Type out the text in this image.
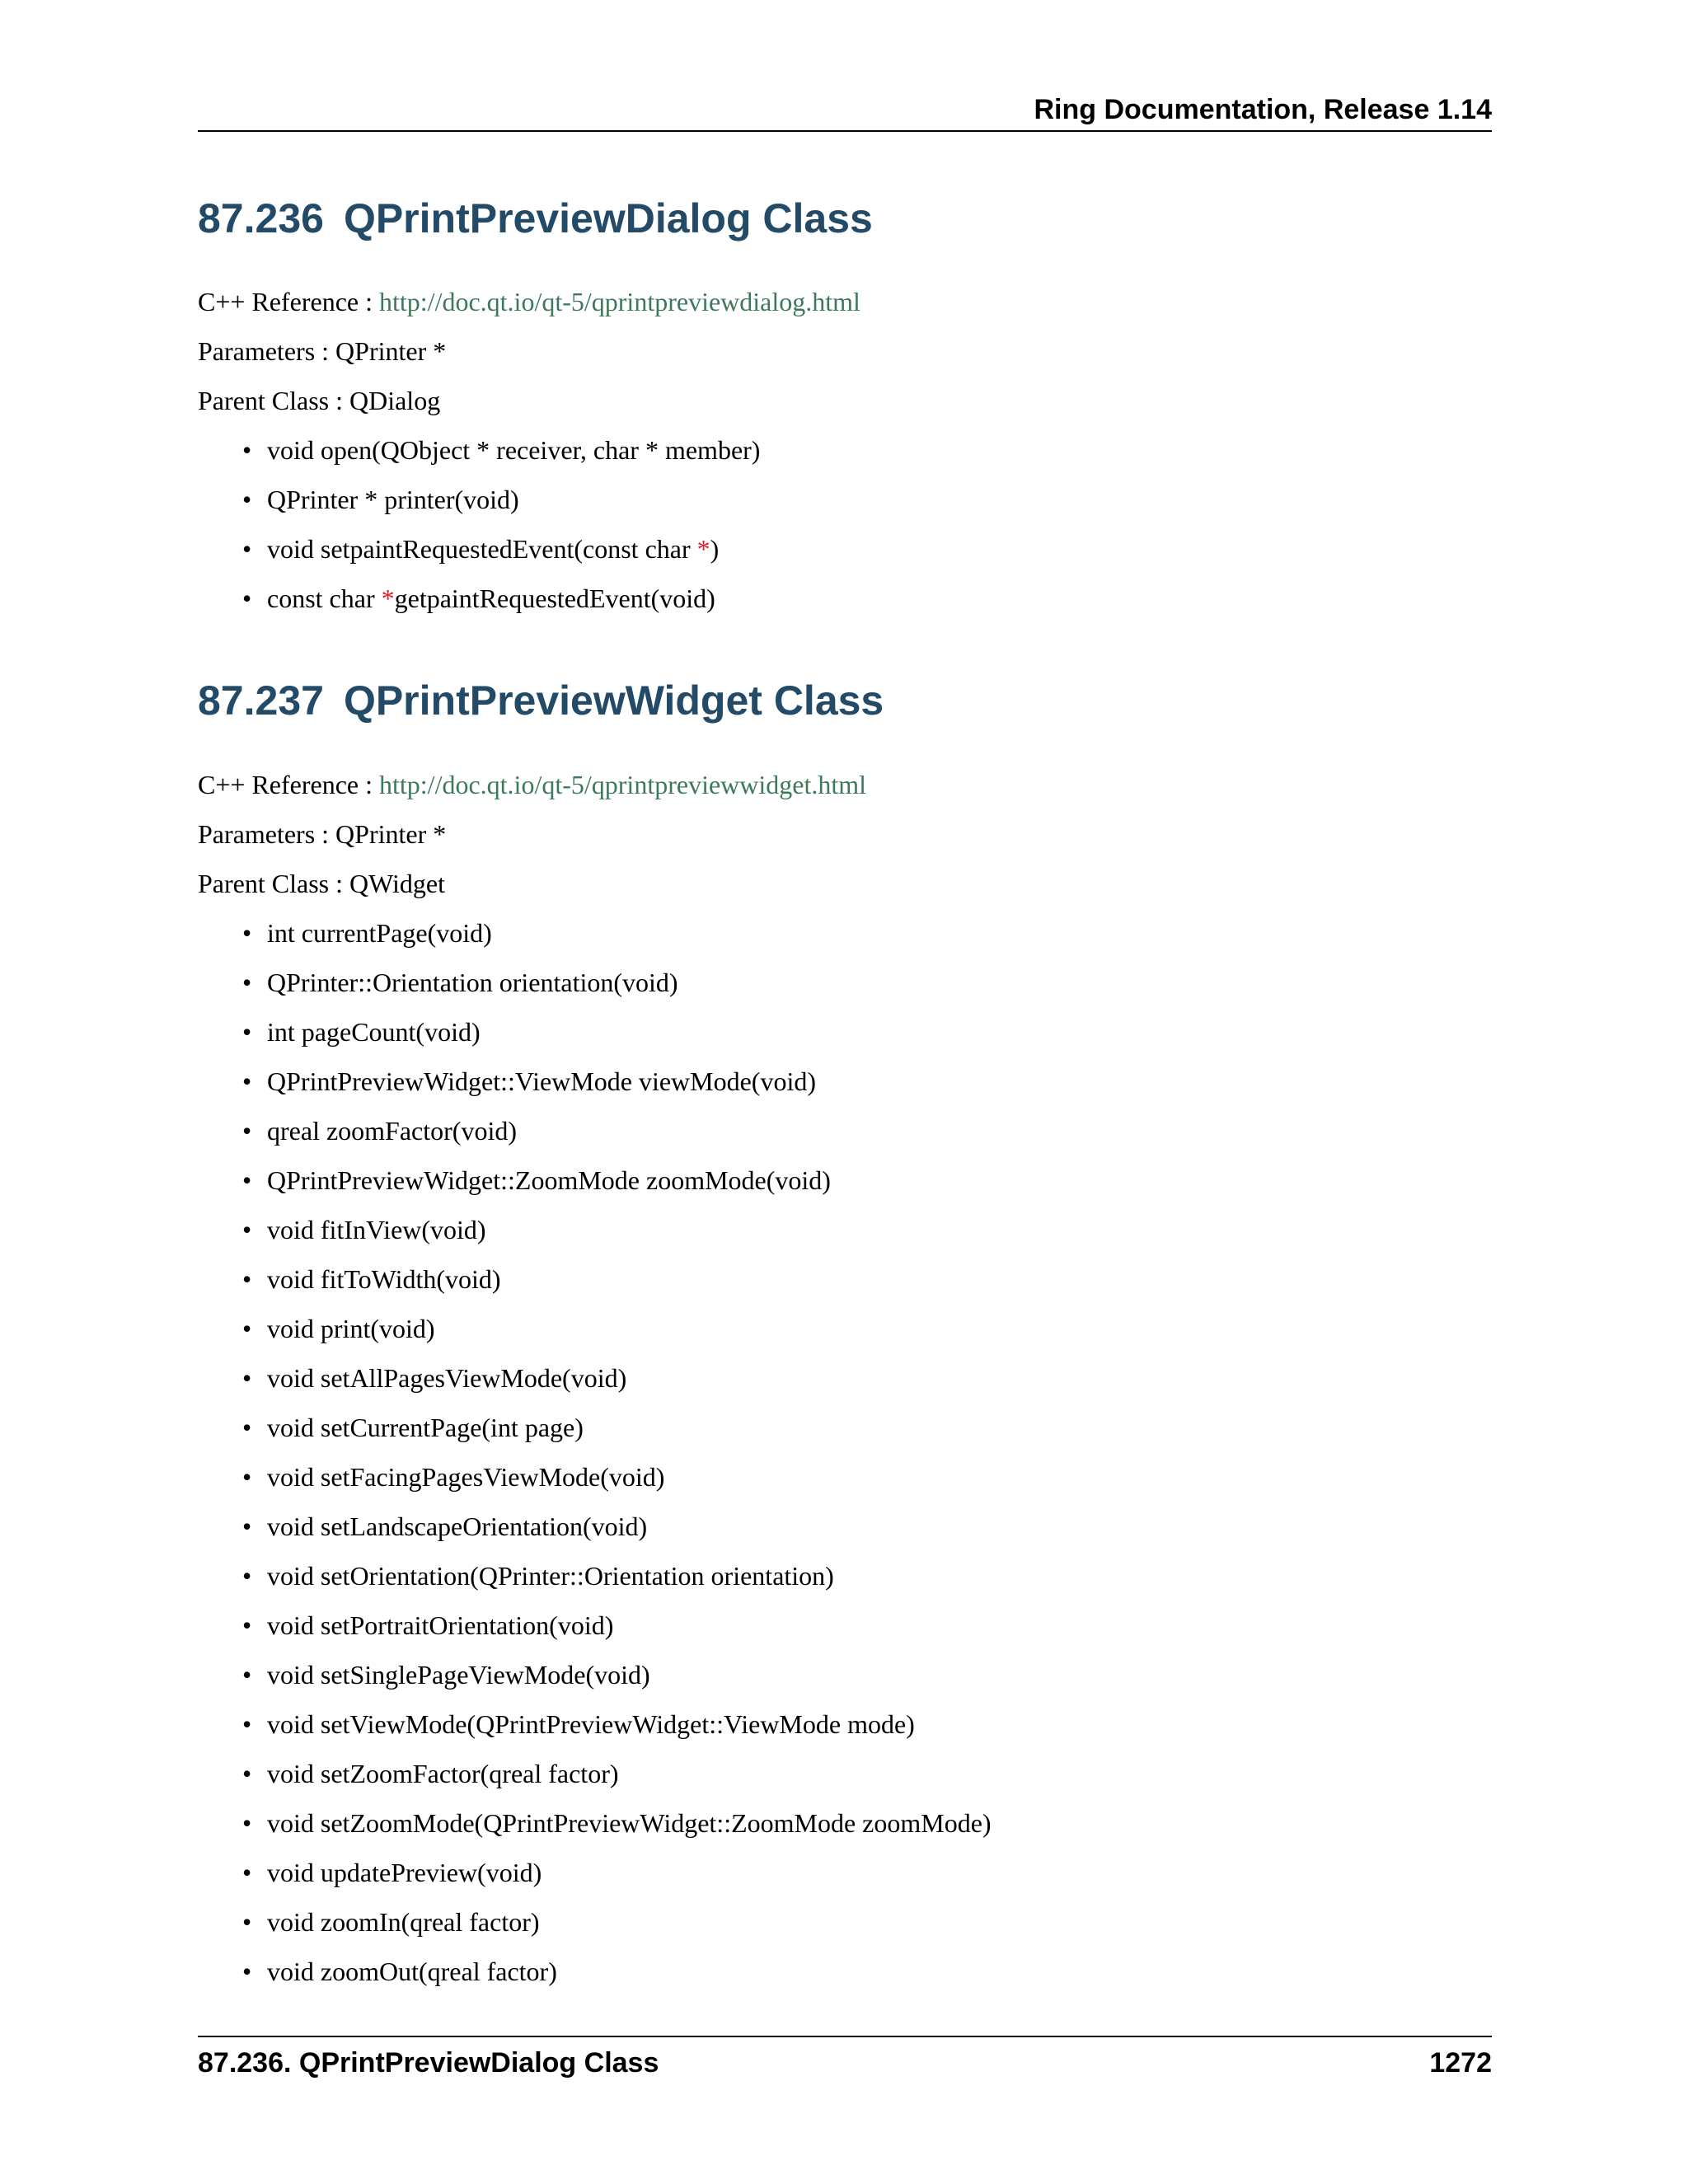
Ring Documentation, Release 1.14
87.236 QPrintPreviewDialog Class
C++ Reference : http://doc.qt.io/qt-5/qprintpreviewdialog.html
Parameters : QPrinter *
Parent Class : QDialog
• void open(QObject * receiver, char * member)
• QPrinter * printer(void)
• void setpaintRequestedEvent(const char *)
• const char *getpaintRequestedEvent(void)
87.237 QPrintPreviewWidget Class
C++ Reference : http://doc.qt.io/qt-5/qprintpreviewwidget.html
Parameters : QPrinter *
Parent Class : QWidget
• int currentPage(void)
• QPrinter::Orientation orientation(void)
• int pageCount(void)
• QPrintPreviewWidget::ViewMode viewMode(void)
• qreal zoomFactor(void)
• QPrintPreviewWidget::ZoomMode zoomMode(void)
• void fitInView(void)
• void fitToWidth(void)
• void print(void)
• void setAllPagesViewMode(void)
• void setCurrentPage(int page)
• void setFacingPagesViewMode(void)
• void setLandscapeOrientation(void)
• void setOrientation(QPrinter::Orientation orientation)
• void setPortraitOrientation(void)
• void setSinglePageViewMode(void)
• void setViewMode(QPrintPreviewWidget::ViewMode mode)
• void setZoomFactor(qreal factor)
• void setZoomMode(QPrintPreviewWidget::ZoomMode zoomMode)
• void updatePreview(void)
• void zoomIn(qreal factor)
• void zoomOut(qreal factor)
87.236. QPrintPreviewDialog Class	1272
